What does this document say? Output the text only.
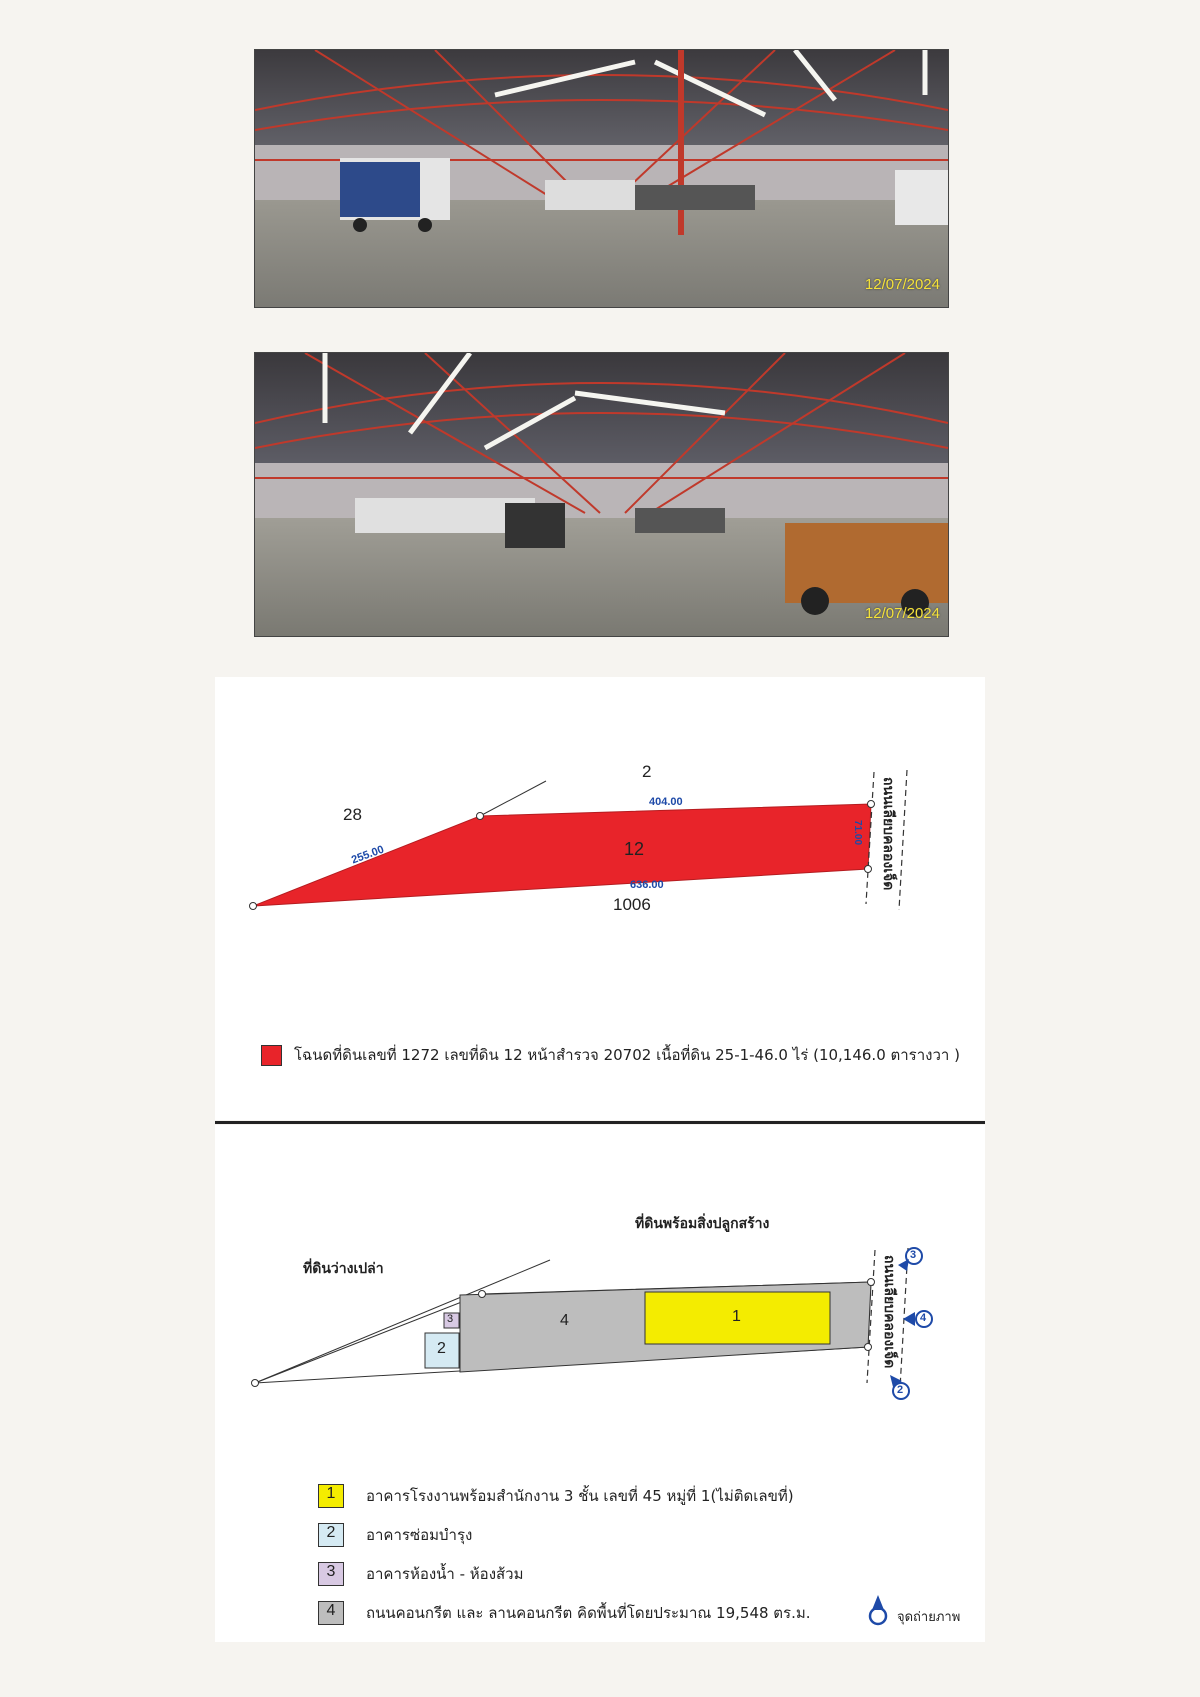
12/07/2024
12/07/2024
2
28
1006
12
404.00
255.00
636.00
71.00 ถนนเลียบคลองเจ็ด
โฉนดที่ดินเลขที่ 1272 เลขที่ดิน 12 หน้าสำรวจ 20702 เนื้อที่ดิน 25-1-46.0 ไร่ (10,146.0 ตารางวา )
ที่ดินพร้อมสิ่งปลูกสร้าง
ที่ดินว่างเปล่า
4	1
2
3
3
4
2
ถนนเลียบคลองเจ็ด
1	อาคารโรงงานพร้อมสำนักงาน 3 ชั้น เลขที่ 45 หมู่ที่ 1(ไม่ติดเลขที่)
2	อาคารซ่อมบำรุง
3	อาคารห้องน้ำ - ห้องส้วม
4	ถนนคอนกรีต และ ลานคอนกรีต คิดพื้นที่โดยประมาณ 19,548 ตร.ม.	จุดถ่ายภาพ
